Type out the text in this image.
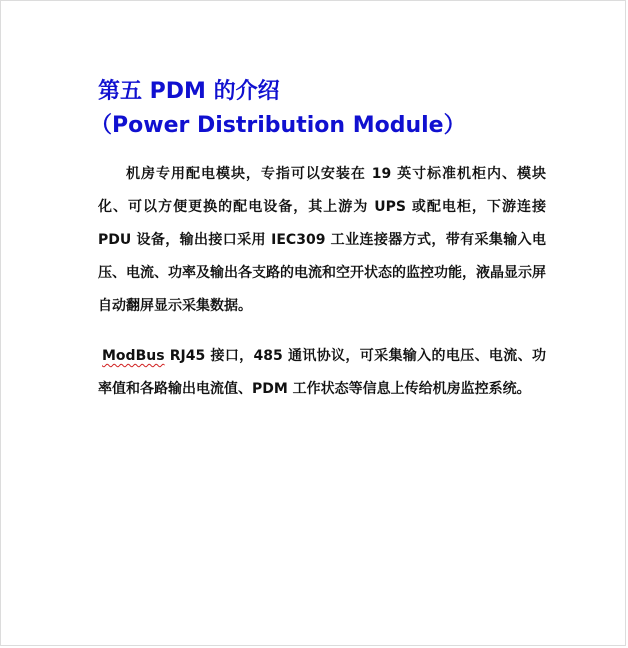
第五 PDM 的介绍
（Power Distribution Module）
机房专用配电模块，专指可以安装在 19 英寸标准机柜内、模块化、可以方便更换的配电设备，其上游为 UPS 或配电柜，下游连接 PDU 设备，输出接口采用 IEC309 工业连接器方式，带有采集输入电压、电流、功率及输出各支路的电流和空开状态的监控功能，液晶显示屏自动翻屏显示采集数据。
ModBus RJ45 接口，485 通讯协议，可采集输入的电压、电流、功率值和各路输出电流值、PDM 工作状态等信息上传给机房监控系统。
